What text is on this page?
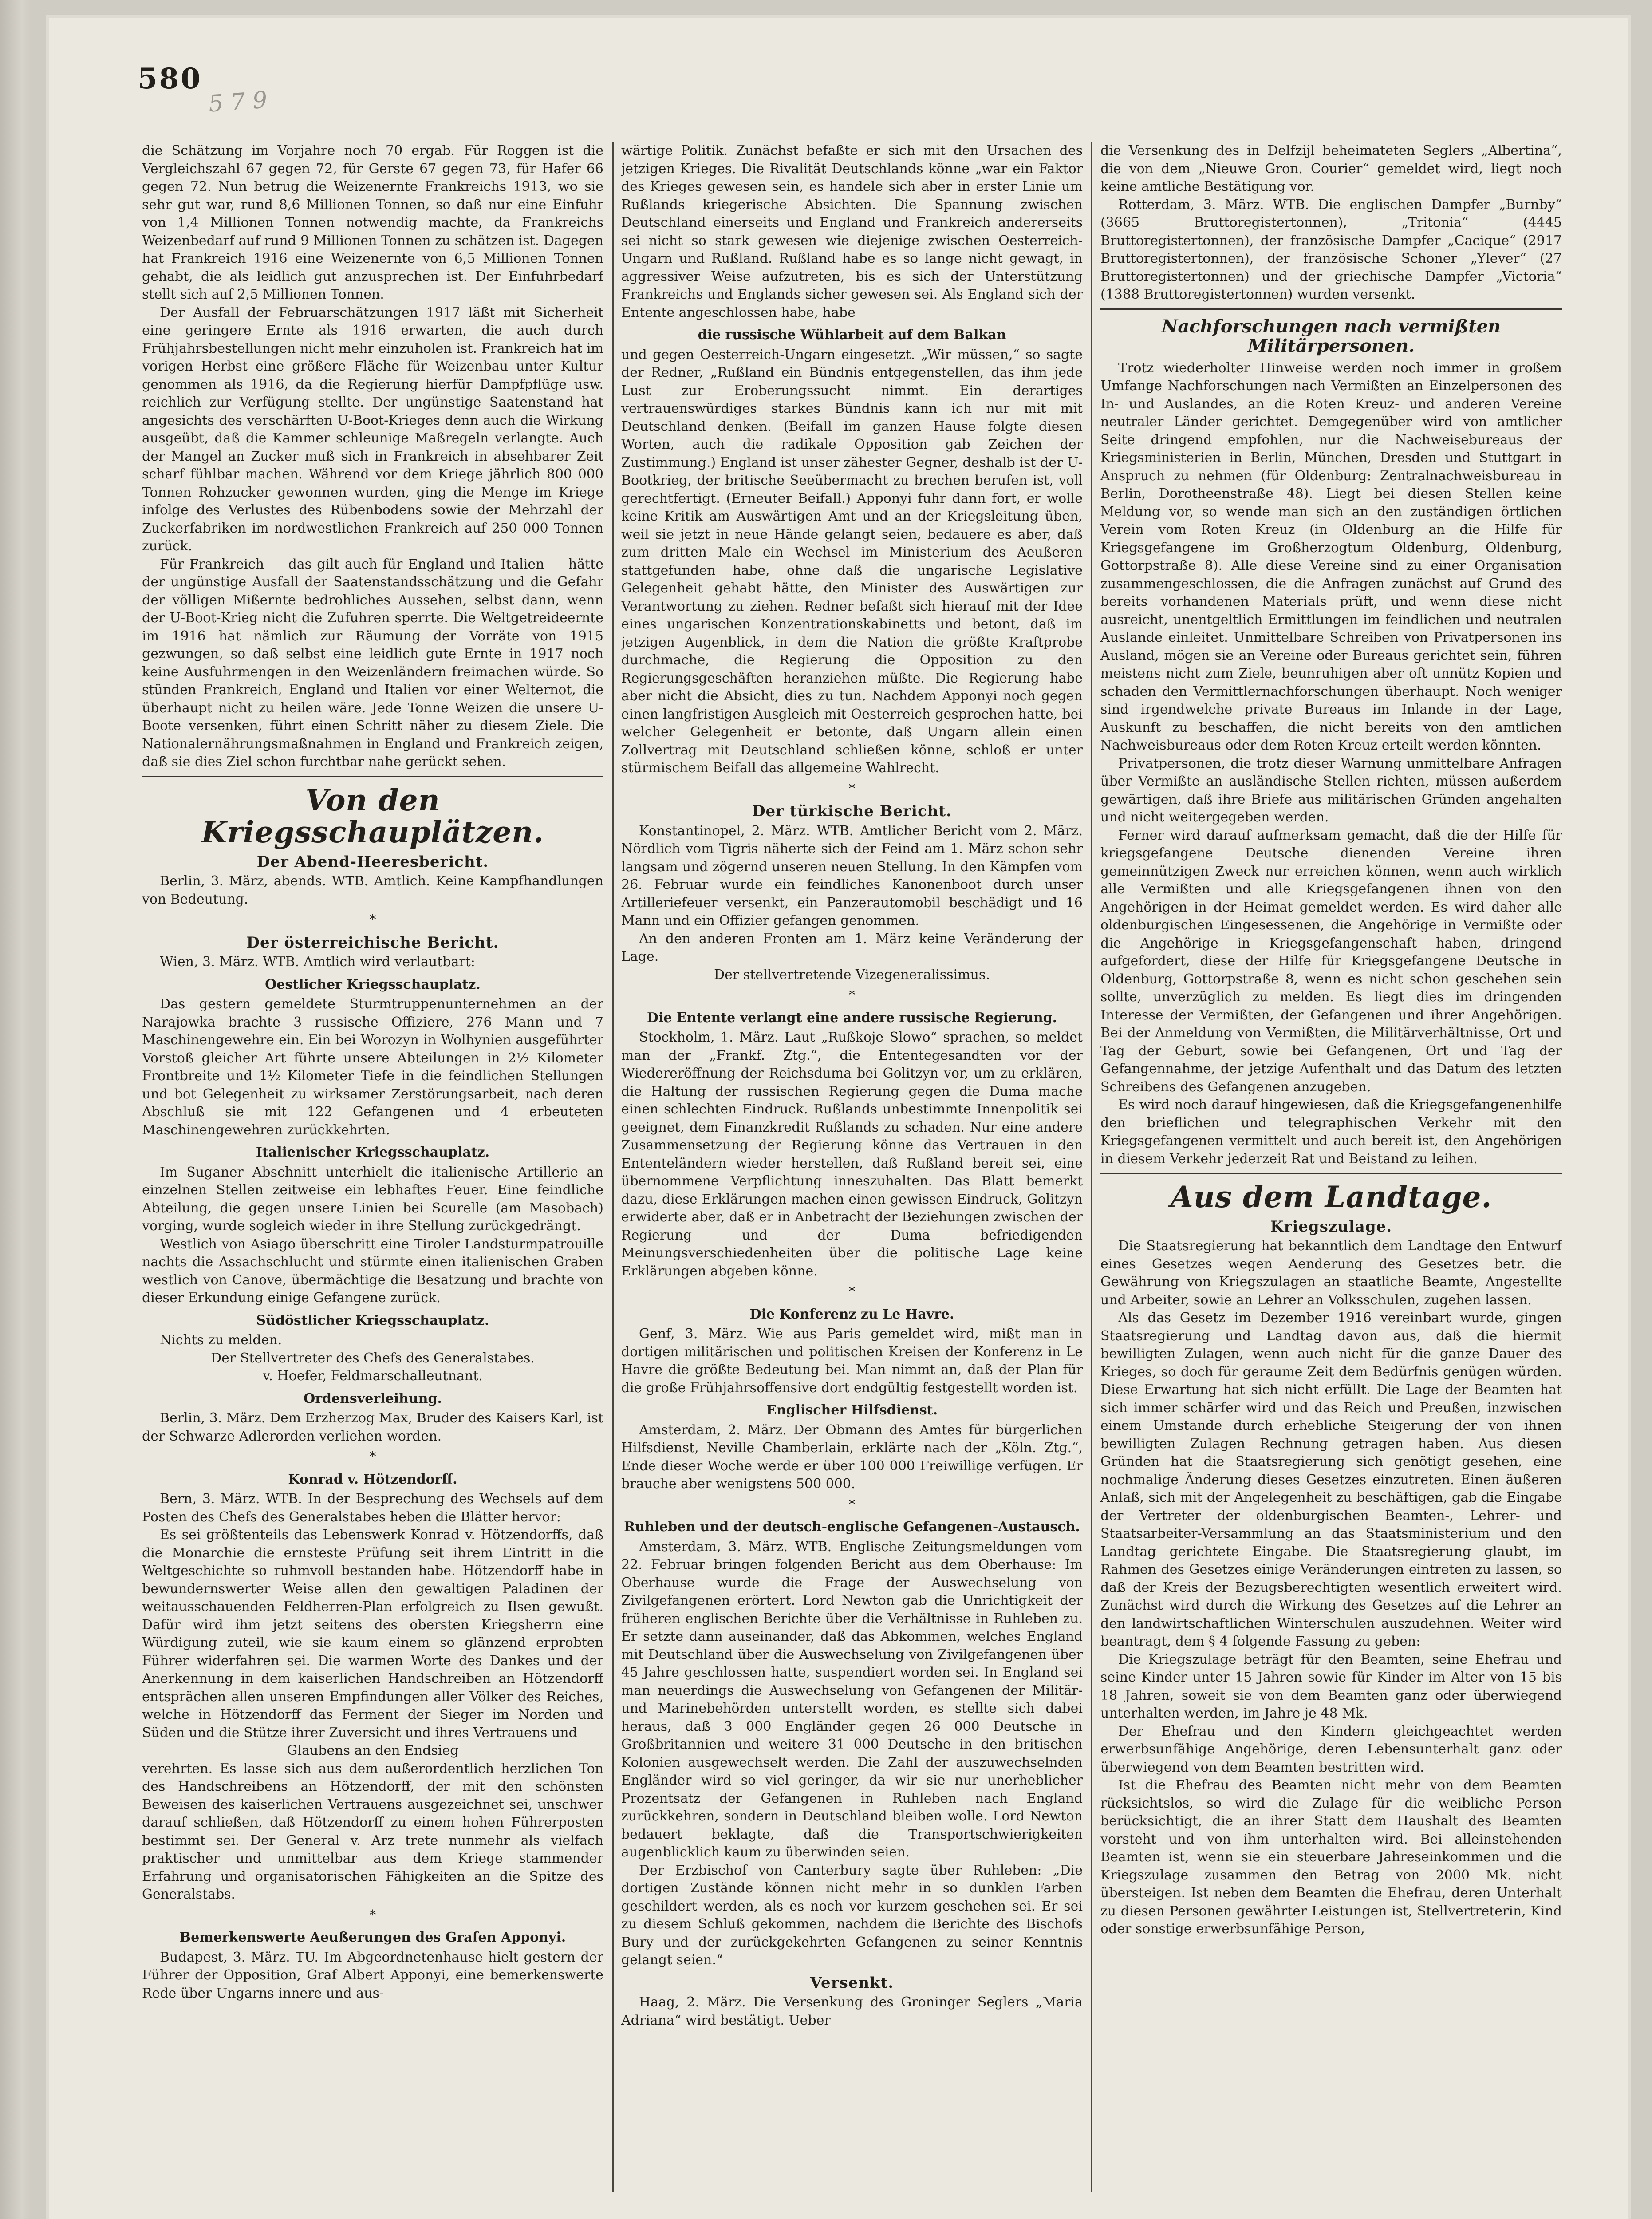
580
5 7 9

die Schätzung im Vorjahre noch 70 ergab. Für Roggen ist die Vergleichszahl 67 gegen 72, für Gerste 67 gegen 73, für Hafer 66 gegen 72. Nun betrug die Weizenernte Frankreichs 1913, wo sie sehr gut war, rund 8,6 Millionen Tonnen, so daß nur eine Einfuhr von 1,4 Millionen Tonnen notwendig machte, da Frankreichs Weizenbedarf auf rund 9 Millionen Tonnen zu schätzen ist. Dagegen hat Frankreich 1916 eine Weizenernte von 6,5 Millionen Tonnen gehabt, die als leidlich gut anzusprechen ist. Der Einfuhrbedarf stellt sich auf 2,5 Millionen Tonnen.

Der Ausfall der Februarschätzungen 1917 läßt mit Sicherheit eine geringere Ernte als 1916 erwarten, die auch durch Frühjahrsbestellungen nicht mehr einzuholen ist. Frankreich hat im vorigen Herbst eine größere Fläche für Weizenbau unter Kultur genommen als 1916, da die Regierung hierfür Dampfpflüge usw. reichlich zur Verfügung stellte. Der ungünstige Saatenstand hat angesichts des verschärften U-Boot-Krieges denn auch die Wirkung ausgeübt, daß die Kammer schleunige Maßregeln verlangte. Auch der Mangel an Zucker muß sich in Frankreich in absehbarer Zeit scharf fühlbar machen. Während vor dem Kriege jährlich 800 000 Tonnen Rohzucker gewonnen wurden, ging die Menge im Kriege infolge des Verlustes des Rübenbodens sowie der Mehrzahl der Zuckerfabriken im nordwestlichen Frankreich auf 250 000 Tonnen zurück.

Für Frankreich — das gilt auch für England und Italien — hätte der ungünstige Ausfall der Saatenstandsschätzung und die Gefahr der völligen Mißernte bedrohliches Aussehen, selbst dann, wenn der U-Boot-Krieg nicht die Zufuhren sperrte. Die Weltgetreideernte im 1916 hat nämlich zur Räumung der Vorräte von 1915 gezwungen, so daß selbst eine leidlich gute Ernte in 1917 noch keine Ausfuhrmengen in den Weizenländern freimachen würde. So stünden Frankreich, England und Italien vor einer Welternot, die überhaupt nicht zu heilen wäre. Jede Tonne Weizen die unsere U-Boote versenken, führt einen Schritt näher zu diesem Ziele. Die Nationalernährungsmaßnahmen in England und Frankreich zeigen, daß sie dies Ziel schon furchtbar nahe gerückt sehen.

Von den Kriegsschauplätzen.
Der Abend-Heeresbericht.

Berlin, 3. März, abends. WTB. Amtlich. Keine Kampfhandlungen von Bedeutung.

*
Der österreichische Bericht.

Wien, 3. März. WTB. Amtlich wird verlautbart:

Oestlicher Kriegsschauplatz.

Das gestern gemeldete Sturmtruppenunternehmen an der Narajowka brachte 3 russische Offiziere, 276 Mann und 7 Maschinengewehre ein. Ein bei Worozyn in Wolhynien ausgeführter Vorstoß gleicher Art führte unsere Abteilungen in 2½ Kilometer Frontbreite und 1½ Kilometer Tiefe in die feindlichen Stellungen und bot Gelegenheit zu wirksamer Zerstörungsarbeit, nach deren Abschluß sie mit 122 Gefangenen und 4 erbeuteten Maschinengewehren zurückkehrten.

Italienischer Kriegsschauplatz.

Im Suganer Abschnitt unterhielt die italienische Artillerie an einzelnen Stellen zeitweise ein lebhaftes Feuer. Eine feindliche Abteilung, die gegen unsere Linien bei Scurelle (am Masobach) vorging, wurde sogleich wieder in ihre Stellung zurückgedrängt.

Westlich von Asiago überschritt eine Tiroler Landsturmpatrouille nachts die Assachschlucht und stürmte einen italienischen Graben westlich von Canove, übermächtige die Besatzung und brachte von dieser Erkundung einige Gefangene zurück.

Südöstlicher Kriegsschauplatz.

Nichts zu melden.

Der Stellvertreter des Chefs des Generalstabes.
v. Hoefer, Feldmarschalleutnant.
Ordensverleihung.

Berlin, 3. März. Dem Erzherzog Max, Bruder des Kaisers Karl, ist der Schwarze Adlerorden verliehen worden.

*
Konrad v. Hötzendorff.

Bern, 3. März. WTB. In der Besprechung des Wechsels auf dem Posten des Chefs des Generalstabes heben die Blätter hervor:

Es sei größtenteils das Lebenswerk Konrad v. Hötzendorffs, daß die Monarchie die ernsteste Prüfung seit ihrem Eintritt in die Weltgeschichte so ruhmvoll bestanden habe. Hötzendorff habe in bewundernswerter Weise allen den gewaltigen Paladinen der weitausschauenden Feldherren-Plan erfolgreich zu Ilsen gewußt. Dafür wird ihm jetzt seitens des obersten Kriegsherrn eine Würdigung zuteil, wie sie kaum einem so glänzend erprobten Führer widerfahren sei. Die warmen Worte des Dankes und der Anerkennung in dem kaiserlichen Handschreiben an Hötzendorff entsprächen allen unseren Empfindungen aller Völker des Reiches, welche in Hötzendorff das Ferment der Sieger im Norden und Süden und die Stütze ihrer Zuversicht und ihres Vertrauens und

Glaubens an den Endsieg

verehrten. Es lasse sich aus dem außerordentlich herzlichen Ton des Handschreibens an Hötzendorff, der mit den schönsten Beweisen des kaiserlichen Vertrauens ausgezeichnet sei, unschwer darauf schließen, daß Hötzendorff zu einem hohen Führerposten bestimmt sei. Der General v. Arz trete nunmehr als vielfach praktischer und unmittelbar aus dem Kriege stammender Erfahrung und organisatorischen Fähigkeiten an die Spitze des Generalstabs.

*
Bemerkenswerte Aeußerungen des Grafen Apponyi.

Budapest, 3. März. TU. Im Abgeordnetenhause hielt gestern der Führer der Opposition, Graf Albert Apponyi, eine bemerkenswerte Rede über Ungarns innere und aus-

wärtige Politik. Zunächst befaßte er sich mit den Ursachen des jetzigen Krieges. Die Rivalität Deutschlands könne „war ein Faktor des Krieges gewesen sein, es handele sich aber in erster Linie um Rußlands kriegerische Absichten. Die Spannung zwischen Deutschland einerseits und England und Frankreich andererseits sei nicht so stark gewesen wie diejenige zwischen Oesterreich-Ungarn und Rußland. Rußland habe es so lange nicht gewagt, in aggressiver Weise aufzutreten, bis es sich der Unterstützung Frankreichs und Englands sicher gewesen sei. Als England sich der Entente angeschlossen habe, habe

die russische Wühlarbeit auf dem Balkan

und gegen Oesterreich-Ungarn eingesetzt. „Wir müssen,“ so sagte der Redner, „Rußland ein Bündnis entgegenstellen, das ihm jede Lust zur Eroberungssucht nimmt. Ein derartiges vertrauenswürdiges starkes Bündnis kann ich nur mit mit Deutschland denken. (Beifall im ganzen Hause folgte diesen Worten, auch die radikale Opposition gab Zeichen der Zustimmung.) England ist unser zähester Gegner, deshalb ist der U-Bootkrieg, der britische Seeübermacht zu brechen berufen ist, voll gerechtfertigt. (Erneuter Beifall.) Apponyi fuhr dann fort, er wolle keine Kritik am Auswärtigen Amt und an der Kriegsleitung üben, weil sie jetzt in neue Hände gelangt seien, bedauere es aber, daß zum dritten Male ein Wechsel im Ministerium des Aeußeren stattgefunden habe, ohne daß die ungarische Legislative Gelegenheit gehabt hätte, den Minister des Auswärtigen zur Verantwortung zu ziehen. Redner befaßt sich hierauf mit der Idee eines ungarischen Konzentrationskabinetts und betont, daß im jetzigen Augenblick, in dem die Nation die größte Kraftprobe durchmache, die Regierung die Opposition zu den Regierungsgeschäften heranziehen müßte. Die Regierung habe aber nicht die Absicht, dies zu tun. Nachdem Apponyi noch gegen einen langfristigen Ausgleich mit Oesterreich gesprochen hatte, bei welcher Gelegenheit er betonte, daß Ungarn allein einen Zollvertrag mit Deutschland schließen könne, schloß er unter stürmischem Beifall das allgemeine Wahlrecht.

*
Der türkische Bericht.

Konstantinopel, 2. März. WTB. Amtlicher Bericht vom 2. März. Nördlich vom Tigris näherte sich der Feind am 1. März schon sehr langsam und zögernd unseren neuen Stellung. In den Kämpfen vom 26. Februar wurde ein feindliches Kanonenboot durch unser Artilleriefeuer versenkt, ein Panzerautomobil beschädigt und 16 Mann und ein Offizier gefangen genommen.

An den anderen Fronten am 1. März keine Veränderung der Lage.

Der stellvertretende Vizegeneralissimus.
*
Die Entente verlangt eine andere russische Regierung.

Stockholm, 1. März. Laut „Rußkoje Slowo“ sprachen, so meldet man der „Frankf. Ztg.“, die Ententegesandten vor der Wiedereröffnung der Reichsduma bei Golitzyn vor, um zu erklären, die Haltung der russischen Regierung gegen die Duma mache einen schlechten Eindruck. Rußlands unbestimmte Innenpolitik sei geeignet, dem Finanzkredit Rußlands zu schaden. Nur eine andere Zusammensetzung der Regierung könne das Vertrauen in den Ententeländern wieder herstellen, daß Rußland bereit sei, eine übernommene Verpflichtung inneszuhalten. Das Blatt bemerkt dazu, diese Erklärungen machen einen gewissen Eindruck, Golitzyn erwiderte aber, daß er in Anbetracht der Beziehungen zwischen der Regierung und der Duma befriedigenden Meinungsverschiedenheiten über die politische Lage keine Erklärungen abgeben könne.

*
Die Konferenz zu Le Havre.

Genf, 3. März. Wie aus Paris gemeldet wird, mißt man in dortigen militärischen und politischen Kreisen der Konferenz in Le Havre die größte Bedeutung bei. Man nimmt an, daß der Plan für die große Frühjahrsoffensive dort endgültig festgestellt worden ist.

Englischer Hilfsdienst.

Amsterdam, 2. März. Der Obmann des Amtes für bürgerlichen Hilfsdienst, Neville Chamberlain, erklärte nach der „Köln. Ztg.“, Ende dieser Woche werde er über 100 000 Freiwillige verfügen. Er brauche aber wenigstens 500 000.

*
Ruhleben und der deutsch-englische Gefangenen-Austausch.

Amsterdam, 3. März. WTB. Englische Zeitungsmeldungen vom 22. Februar bringen folgenden Bericht aus dem Oberhause: Im Oberhause wurde die Frage der Auswechselung von Zivilgefangenen erörtert. Lord Newton gab die Unrichtigkeit der früheren englischen Berichte über die Verhältnisse in Ruhleben zu. Er setzte dann auseinander, daß das Abkommen, welches England mit Deutschland über die Auswechselung von Zivilgefangenen über 45 Jahre geschlossen hatte, suspendiert worden sei. In England sei man neuerdings die Auswechselung von Gefangenen der Militär- und Marinebehörden unterstellt worden, es stellte sich dabei heraus, daß 3 000 Engländer gegen 26 000 Deutsche in Großbritannien und weitere 31 000 Deutsche in den britischen Kolonien ausgewechselt werden. Die Zahl der auszuwechselnden Engländer wird so viel geringer, da wir sie nur unerheblicher Prozentsatz der Gefangenen in Ruhleben nach England zurückkehren, sondern in Deutschland bleiben wolle. Lord Newton bedauert beklagte, daß die Transportschwierigkeiten augenblicklich kaum zu überwinden seien.

Der Erzbischof von Canterbury sagte über Ruhleben: „Die dortigen Zustände können nicht mehr in so dunklen Farben geschildert werden, als es noch vor kurzem geschehen sei. Er sei zu diesem Schluß gekommen, nachdem die Berichte des Bischofs Bury und der zurückgekehrten Gefangenen zu seiner Kenntnis gelangt seien.“

Versenkt.

Haag, 2. März. Die Versenkung des Groninger Seglers „Maria Adriana“ wird bestätigt. Ueber

die Versenkung des in Delfzijl beheimateten Seglers „Albertina“, die von dem „Nieuwe Gron. Courier“ gemeldet wird, liegt noch keine amtliche Bestätigung vor.

Rotterdam, 3. März. WTB. Die englischen Dampfer „Burnby“ (3665 Bruttoregistertonnen), „Tritonia“ (4445 Bruttoregistertonnen), der französische Dampfer „Cacique“ (2917 Bruttoregistertonnen), der französische Schoner „Ylever“ (27 Bruttoregistertonnen) und der griechische Dampfer „Victoria“ (1388 Bruttoregistertonnen) wurden versenkt.

Nachforschungen nach vermißten Militärpersonen.

Trotz wiederholter Hinweise werden noch immer in großem Umfange Nachforschungen nach Vermißten an Einzelpersonen des In- und Auslandes, an die Roten Kreuz- und anderen Vereine neutraler Länder gerichtet. Demgegenüber wird von amtlicher Seite dringend empfohlen, nur die Nachweisebureaus der Kriegsministerien in Berlin, München, Dresden und Stuttgart in Anspruch zu nehmen (für Oldenburg: Zentralnachweisbureau in Berlin, Dorotheenstraße 48). Liegt bei diesen Stellen keine Meldung vor, so wende man sich an den zuständigen örtlichen Verein vom Roten Kreuz (in Oldenburg an die Hilfe für Kriegsgefangene im Großherzogtum Oldenburg, Oldenburg, Gottorpstraße 8). Alle diese Vereine sind zu einer Organisation zusammengeschlossen, die die Anfragen zunächst auf Grund des bereits vorhandenen Materials prüft, und wenn diese nicht ausreicht, unentgeltlich Ermittlungen im feindlichen und neutralen Auslande einleitet. Unmittelbare Schreiben von Privatpersonen ins Ausland, mögen sie an Vereine oder Bureaus gerichtet sein, führen meistens nicht zum Ziele, beunruhigen aber oft unnütz Kopien und schaden den Vermittlernachforschungen überhaupt. Noch weniger sind irgendwelche private Bureaus im Inlande in der Lage, Auskunft zu beschaffen, die nicht bereits von den amtlichen Nachweisbureaus oder dem Roten Kreuz erteilt werden könnten.

Privatpersonen, die trotz dieser Warnung unmittelbare Anfragen über Vermißte an ausländische Stellen richten, müssen außerdem gewärtigen, daß ihre Briefe aus militärischen Gründen angehalten und nicht weitergegeben werden.

Ferner wird darauf aufmerksam gemacht, daß die der Hilfe für kriegsgefangene Deutsche dienenden Vereine ihren gemeinnützigen Zweck nur erreichen können, wenn auch wirklich alle Vermißten und alle Kriegsgefangenen ihnen von den Angehörigen in der Heimat gemeldet werden. Es wird daher alle oldenburgischen Eingesessenen, die Angehörige in Vermißte oder die Angehörige in Kriegsgefangenschaft haben, dringend aufgefordert, diese der Hilfe für Kriegsgefangene Deutsche in Oldenburg, Gottorpstraße 8, wenn es nicht schon geschehen sein sollte, unverzüglich zu melden. Es liegt dies im dringenden Interesse der Vermißten, der Gefangenen und ihrer Angehörigen. Bei der Anmeldung von Vermißten, die Militärverhältnisse, Ort und Tag der Geburt, sowie bei Gefangenen, Ort und Tag der Gefangennahme, der jetzige Aufenthalt und das Datum des letzten Schreibens des Gefangenen anzugeben.

Es wird noch darauf hingewiesen, daß die Kriegsgefangenenhilfe den brieflichen und telegraphischen Verkehr mit den Kriegsgefangenen vermittelt und auch bereit ist, den Angehörigen in diesem Verkehr jederzeit Rat und Beistand zu leihen.

Aus dem Landtage.
Kriegszulage.

Die Staatsregierung hat bekanntlich dem Landtage den Entwurf eines Gesetzes wegen Aenderung des Gesetzes betr. die Gewährung von Kriegszulagen an staatliche Beamte, Angestellte und Arbeiter, sowie an Lehrer an Volksschulen, zugehen lassen.

Als das Gesetz im Dezember 1916 vereinbart wurde, gingen Staatsregierung und Landtag davon aus, daß die hiermit bewilligten Zulagen, wenn auch nicht für die ganze Dauer des Krieges, so doch für geraume Zeit dem Bedürfnis genügen würden. Diese Erwartung hat sich nicht erfüllt. Die Lage der Beamten hat sich immer schärfer wird und das Reich und Preußen, inzwischen einem Umstande durch erhebliche Steigerung der von ihnen bewilligten Zulagen Rechnung getragen haben. Aus diesen Gründen hat die Staatsregierung sich genötigt gesehen, eine nochmalige Änderung dieses Gesetzes einzutreten. Einen äußeren Anlaß, sich mit der Angelegenheit zu beschäftigen, gab die Eingabe der Vertreter der oldenburgischen Beamten-, Lehrer- und Staatsarbeiter-Versammlung an das Staatsministerium und den Landtag gerichtete Eingabe. Die Staatsregierung glaubt, im Rahmen des Gesetzes einige Veränderungen eintreten zu lassen, so daß der Kreis der Bezugsberechtigten wesentlich erweitert wird. Zunächst wird durch die Wirkung des Gesetzes auf die Lehrer an den landwirtschaftlichen Winterschulen auszudehnen. Weiter wird beantragt, dem § 4 folgende Fassung zu geben:

Die Kriegszulage beträgt für den Beamten, seine Ehefrau und seine Kinder unter 15 Jahren sowie für Kinder im Alter von 15 bis 18 Jahren, soweit sie von dem Beamten ganz oder überwiegend unterhalten werden, im Jahre je 48 Mk.

Der Ehefrau und den Kindern gleichgeachtet werden erwerbsunfähige Angehörige, deren Lebensunterhalt ganz oder überwiegend von dem Beamten bestritten wird.

Ist die Ehefrau des Beamten nicht mehr von dem Beamten rücksichtslos, so wird die Zulage für die weibliche Person berücksichtigt, die an ihrer Statt dem Haushalt des Beamten vorsteht und von ihm unterhalten wird. Bei alleinstehenden Beamten ist, wenn sie ein steuerbare Jahreseinkommen und die Kriegszulage zusammen den Betrag von 2000 Mk. nicht übersteigen. Ist neben dem Beamten die Ehefrau, deren Unterhalt zu diesen Personen gewährter Leistungen ist, Stellvertreterin, Kind oder sonstige erwerbsunfähige Person,
